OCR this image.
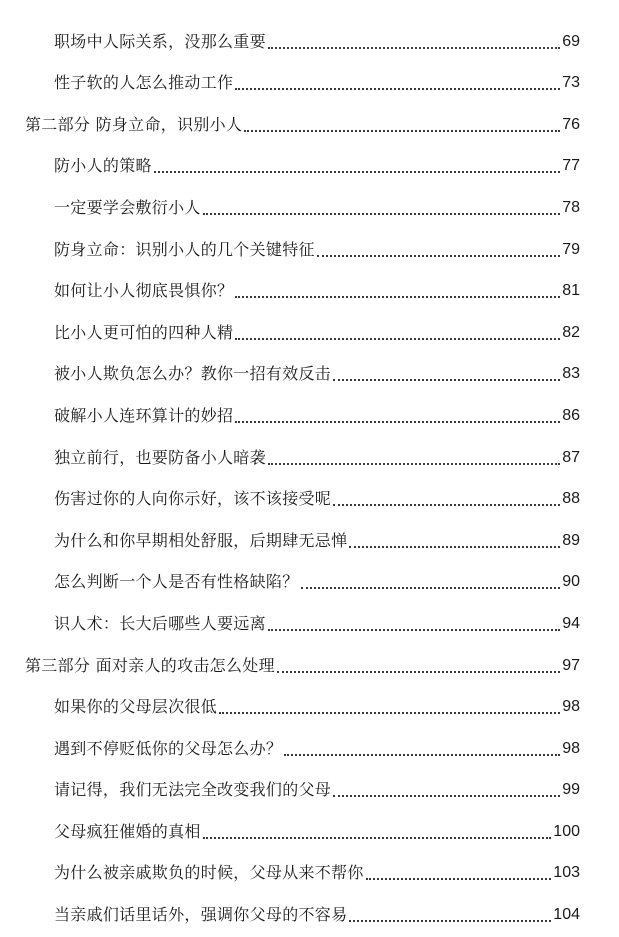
职场中人际关系，没那么重要	69
性子软的人怎么推动工作	73
第二部分 防身立命，识别小人	76
防小人的策略	77
一定要学会敷衍小人	78
防身立命：识别小人的几个关键特征	79
如何让小人彻底畏惧你？	81
比小人更可怕的四种人精	82
被小人欺负怎么办？教你一招有效反击	83
破解小人连环算计的妙招	86
独立前行，也要防备小人暗袭	87
伤害过你的人向你示好，该不该接受呢	88
为什么和你早期相处舒服，后期肆无忌惮	89
怎么判断一个人是否有性格缺陷？	90
识人术：长大后哪些人要远离	94
第三部分 面对亲人的攻击怎么处理	97
如果你的父母层次很低	98
遇到不停贬低你的父母怎么办？	98
请记得，我们无法完全改变我们的父母	99
父母疯狂催婚的真相	100
为什么被亲戚欺负的时候，父母从来不帮你	103
当亲戚们话里话外，强调你父母的不容易	104
